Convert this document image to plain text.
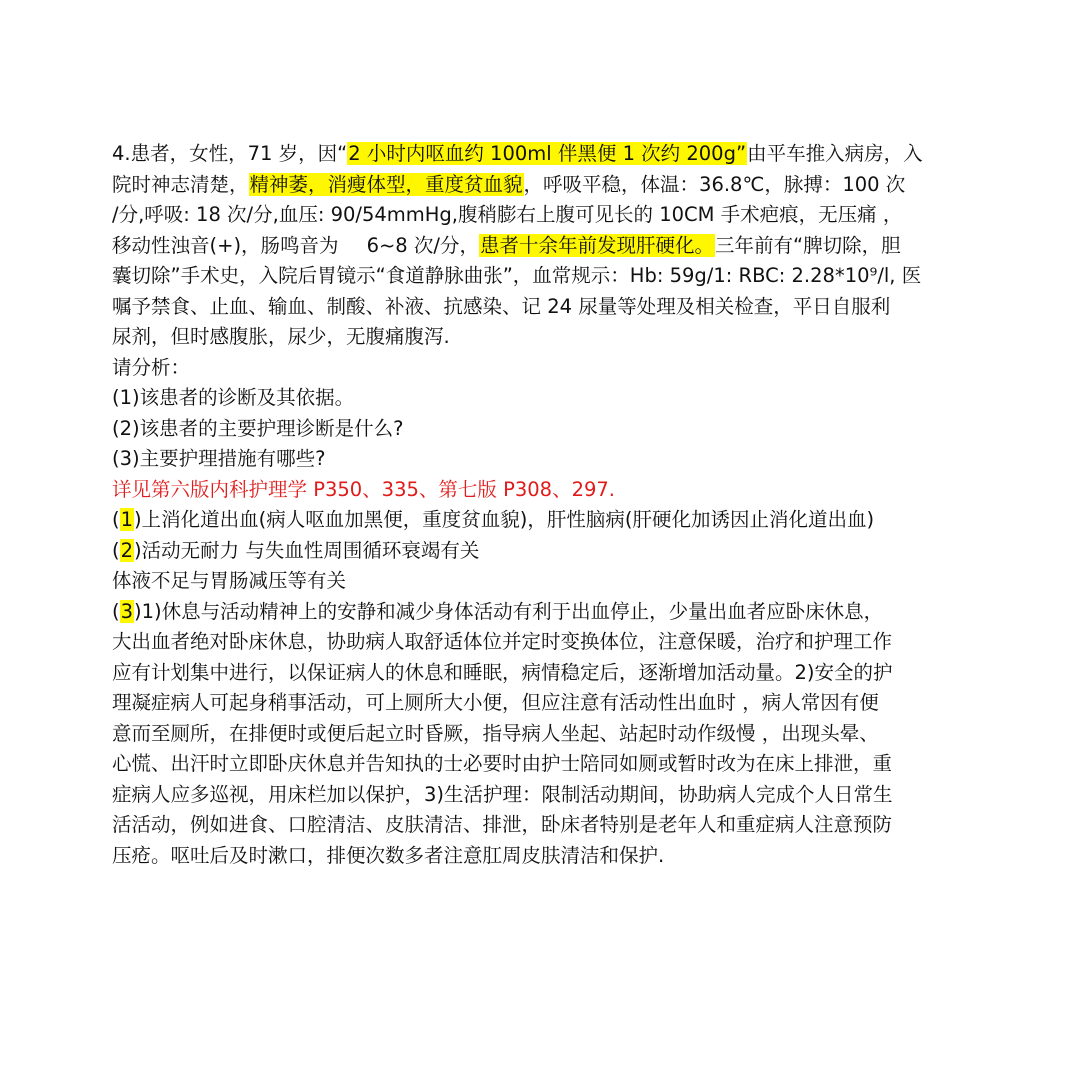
4.患者，女性，71 岁，因“2 小时内呕血约 100ml 伴黑便 1 次约 200g”由平车推入病房，入
院时神志清楚，精神萎，消瘦体型，重度贫血貌，呼吸平稳，体温：36.8℃，脉搏：100 次
/分,呼吸: 18 次/分,血压: 90/54mmHg,腹稍膨右上腹可见长的 10CM 手术疤痕，无压痛 ，
移动性浊音(+)，肠鸣音为 6~8 次/分，患者十余年前发现肝硬化。三年前有“脾切除，胆
囊切除”手术史，入院后胃镜示“食道静脉曲张”，血常规示：Hb: 59g/1: RBC: 2.28*10⁹/l, 医
嘱予禁食、止血、输血、制酸、补液、抗感染、记 24 尿量等处理及相关检查，平日自服利
尿剂，但时感腹胀，尿少，无腹痛腹泻.
请分析：
(1)该患者的诊断及其依据。
(2)该患者的主要护理诊断是什么?
(3)主要护理措施有哪些?
详见第六版内科护理学 P350、335、第七版 P308、297.
(1)上消化道出血(病人呕血加黑便，重度贫血貌)，肝性脑病(肝硬化加诱因止消化道出血)
(2)活动无耐力 与失血性周围循环衰竭有关
体液不足与胃肠减压等有关
(3)1)休息与活动精神上的安静和减少身体活动有利于出血停止，少量出血者应卧床休息，
大出血者绝对卧床休息，协助病人取舒适体位并定时变换体位，注意保暖，治疗和护理工作
应有计划集中进行，以保证病人的休息和睡眠，病情稳定后，逐渐增加活动量。2)安全的护
理凝症病人可起身稍事活动，可上厕所大小便，但应注意有活动性出血时 ，病人常因有便
意而至厕所，在排便时或便后起立时昏厥，指导病人坐起、站起时动作级慢 ，出现头晕、
心慌、出汗时立即卧庆休息并告知执的士必要时由护士陪同如厕或暂时改为在床上排泄，重
症病人应多巡视，用床栏加以保护，3)生活护理：限制活动期间，协助病人完成个人日常生
活活动，例如进食、口腔清洁、皮肤清洁、排泄，卧床者特别是老年人和重症病人注意预防
压疮。呕吐后及时漱口，排便次数多者注意肛周皮肤清洁和保护.
